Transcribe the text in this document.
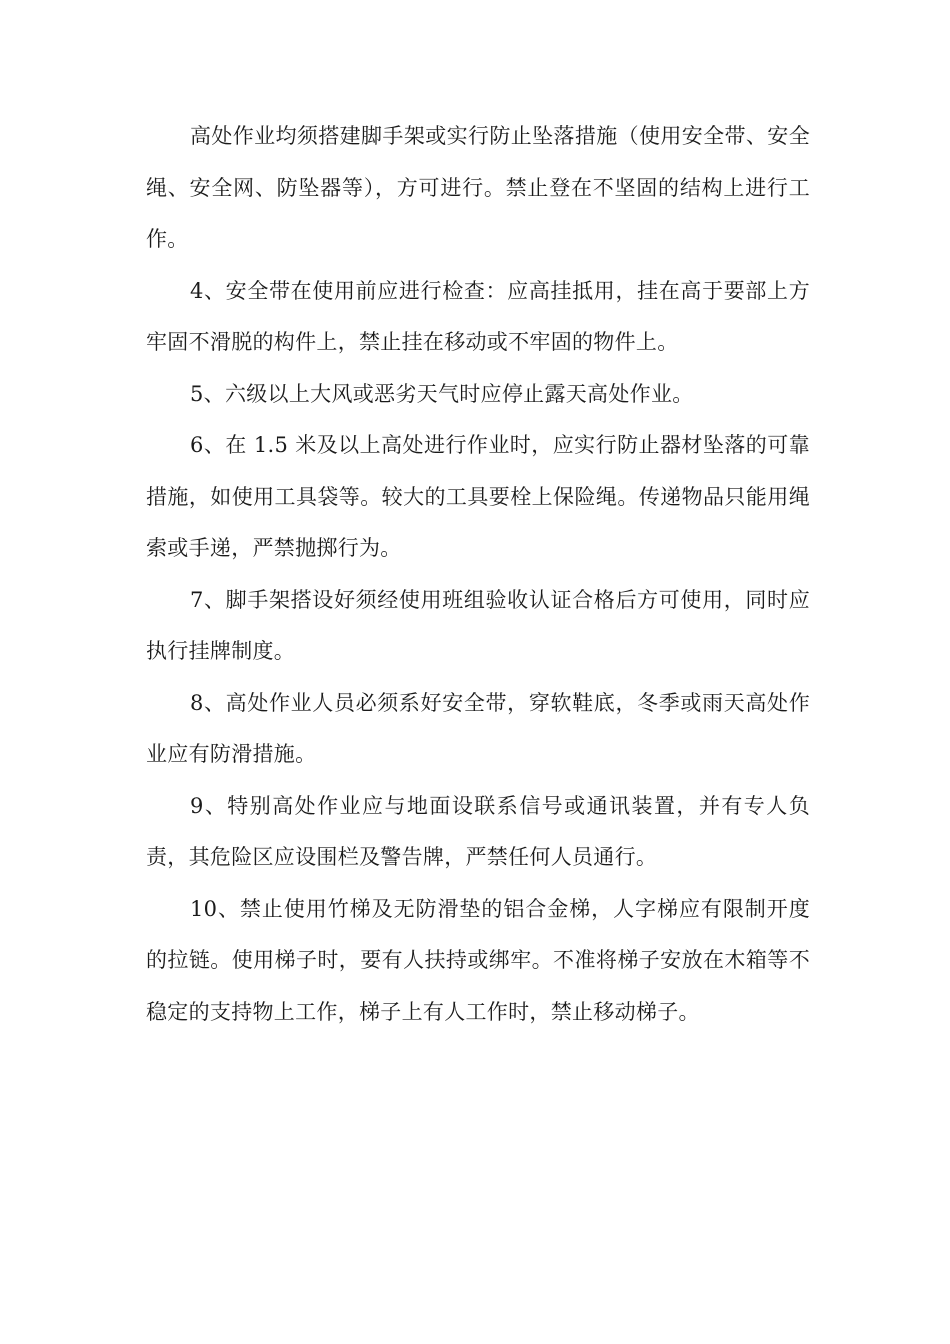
高处作业均须搭建脚手架或实行防止坠落措施（使用安全带、安全绳、安全网、防坠器等），方可进行。禁止登在不坚固的结构上进行工作。

4、安全带在使用前应进行检查：应高挂抵用，挂在高于要部上方牢固不滑脱的构件上，禁止挂在移动或不牢固的物件上。

5、六级以上大风或恶劣天气时应停止露天高处作业。

6、在 1.5 米及以上高处进行作业时，应实行防止器材坠落的可靠措施，如使用工具袋等。较大的工具要栓上保险绳。传递物品只能用绳索或手递，严禁抛掷行为。

7、脚手架搭设好须经使用班组验收认证合格后方可使用，同时应执行挂牌制度。

8、高处作业人员必须系好安全带，穿软鞋底，冬季或雨天高处作业应有防滑措施。

9、特别高处作业应与地面设联系信号或通讯装置，并有专人负责，其危险区应设围栏及警告牌，严禁任何人员通行。

10、禁止使用竹梯及无防滑垫的铝合金梯，人字梯应有限制开度的拉链。使用梯子时，要有人扶持或绑牢。不准将梯子安放在木箱等不稳定的支持物上工作，梯子上有人工作时，禁止移动梯子。
